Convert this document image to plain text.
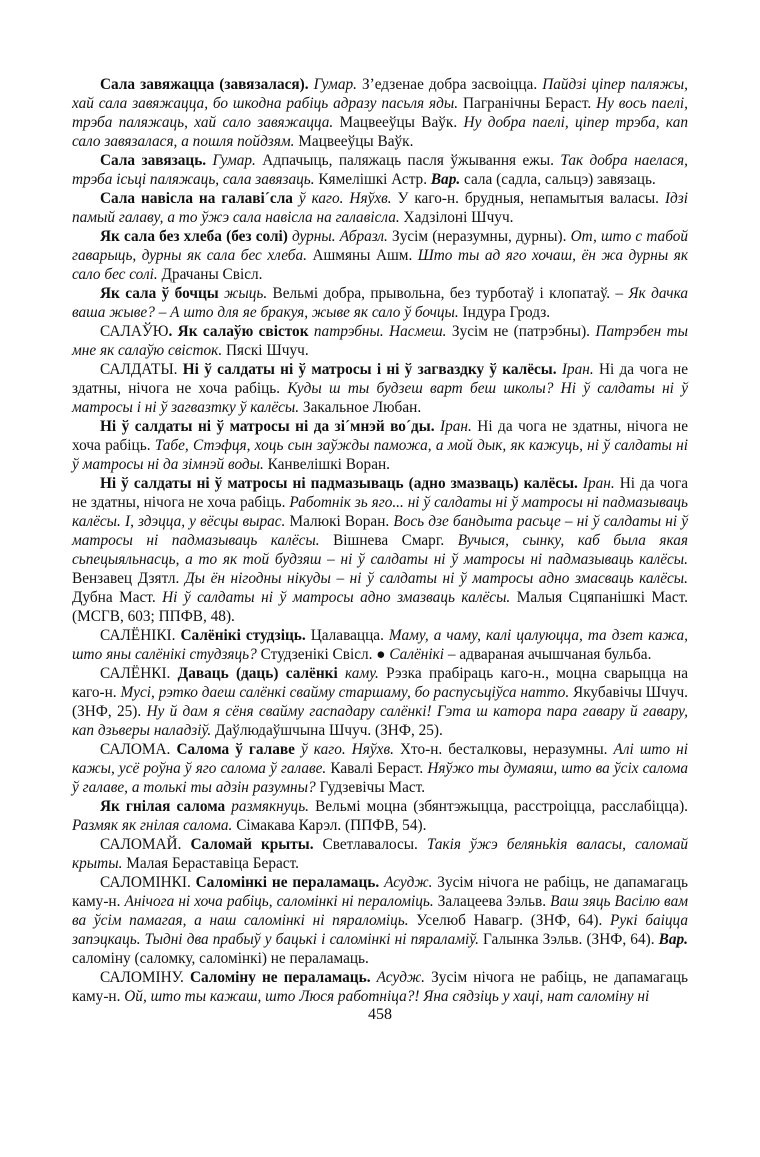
Сала завяжацца (завязалася). Гумар. З’едзенае добра засвоіцца. Пайдзі ціпер паляжы, хай сала завяжацца, бо шкодна рабіць адразу пасьля яды. Пагранічны Бераст. Ну вось паелі, трэба паляжаць, хай сало завяжацца. Мацвееўцы Ваўк. Ну добра паелі, ціпер трэба, кап сало завязалася, а пошля пойдзям. Мацвееўцы Ваўк.

Сала завязаць. Гумар. Адпачыць, паляжаць пасля ўжывання ежы. Так добра наелася, трэба ісьці паляжаць, сала завязаць. Кямелішкі Астр. Вар. сала (садла, сальцэ) завязаць.

Сала навісла на галаві´сла ў каго. Няўхв. У каго-н. брудныя, непамытыя валасы. Ідзі памый галаву, а то ўжэ сала навісла на галавісла. Хадзілоні Шчуч.

Як сала без хлеба (без солі) дурны. Абразл. Зусім (неразумны, дурны). От, што с табой гаварыць, дурны як сала бес хлеба. Ашмяны Ашм. Што ты ад яго хочаш, ён жа дурны як сало бес солі. Драчаны Свісл.

Як сала ў бочцы жыць. Вельмі добра, прывольна, без турботаў і клопатаў. – Як дачка ваша жыве? – А што для яе бракуя, жыве як сало ў бочцы. Індура Гродз.

САЛАЎЮ. Як салаўю свісток патрэбны. Насмеш. Зусім не (патрэбны). Патрэбен ты мне як салаўю свісток. Пяскі Шчуч.

САЛДАТЫ. Ні ў салдаты ні ў матросы і ні ў загваздку ў калёсы. Іран. Ні да чога не здатны, нічога не хоча рабіць. Куды ш ты будзеш варт беш школы? Ні ў салдаты ні ў матросы і ні ў загвазтку ў калёсы. Закальное Любан.

Ні ў салдаты ні ў матросы ні да зі´мнэй во´ды. Іран. Ні да чога не здатны, нічога не хоча рабіць. Табе, Стэфця, хоць сын заўжды паможа, а мой дык, як кажуць, ні ў салдаты ні ў матросы ні да зімнэй воды. Канвелішкі Воран.

Ні ў салдаты ні ў матросы ні падмазываць (адно змазваць) калёсы. Іран. Ні да чога не здатны, нічога не хоча рабіць. Работнік зь яго... ні ў салдаты ні ў матросы ні падмазываць калёсы. І, здэцца, у вёсцы вырас. Малюкі Воран. Вось дзе бандыта расьце – ні ў салдаты ні ў матросы ні падмазываць калёсы. Вішнева Смарг. Вучыся, сынку, каб была якая сьпецыяльнасць, а то як той будзяш – ні ў салдаты ні ў матросы ні падмазываць калёсы. Вензавец Дзятл. Ды ён нігодны нікуды – ні ў салдаты ні ў матросы адно змасваць калёсы. Дубна Маст. Ні ў салдаты ні ў матросы адно змазваць калёсы. Малыя Сцяпанішкі Маст. (МСГВ, 603; ППФВ, 48).

САЛЁНІКІ. Салёнікі студзіць. Цалавацца. Маму, а чаму, калі цалуюцца, та дзет кажа, што яны салёнікі студзяць? Студзенікі Свісл. ● Салёнікі – адвараная ачышчаная бульба.

САЛЁНКІ. Даваць (даць) салёнкі каму. Рэзка прабіраць каго-н., моцна сварыцца на каго-н. Мусі, рэтко даеш салёнкі свайму старшаму, бо распусьціўса натто. Якубавічы Шчуч. (ЗНФ, 25). Ну й дам я сёня свайму гаспадару салёнкі! Гэта ш катора пара гавару й гавару, кап дзьверы наладзіў. Даўлюдаўшчына Шчуч. (ЗНФ, 25).

САЛОМА. Салома ў галаве ў каго. Няўхв. Хто-н. бесталковы, неразумны. Алі што ні кажы, усё роўна ў яго салома ў галаве. Кавалі Бераст. Няўжо ты думаяш, што ва ўсіх салома ў галаве, а толькі ты адзін разумны? Гудзевічы Маст.

Як гнілая салома размякнуць. Вельмі моцна (збянтэжыцца, расстроіцца, расслабіцца). Размяк як гнілая салома. Сімакава Карэл. (ППФВ, 54).

САЛОМАЙ. Саломай крыты. Светлавалосы. Такія ўжэ беляньkія валасы, саломай крыты. Малая Бераставіца Бераст.

САЛОМІНКІ. Саломінкі не пераламаць. Асудж. Зусім нічога не рабіць, не дапамагаць каму-н. Анічога ні хоча рабіць, саломінкі ні пераломіць. Залацеева Зэльв. Ваш зяць Васілю вам ва ўсім памагая, а наш саломінкі ні пяраломіць. Уселюб Навагр. (ЗНФ, 64). Рукі баіцца запэцкаць. Тыдні два прабыў у бацькі і саломінкі ні пяраламіў. Галынка Зэльв. (ЗНФ, 64). Вар. саломіну (саломку, саломінкі) не пераламаць.

САЛОМІНУ. Саломіну не пераламаць. Асудж. Зусім нічога не рабіць, не дапамагаць каму-н. Ой, што ты кажаш, што Люся работніца?! Яна сядзіць у хаці, нат саломіну ні

458
